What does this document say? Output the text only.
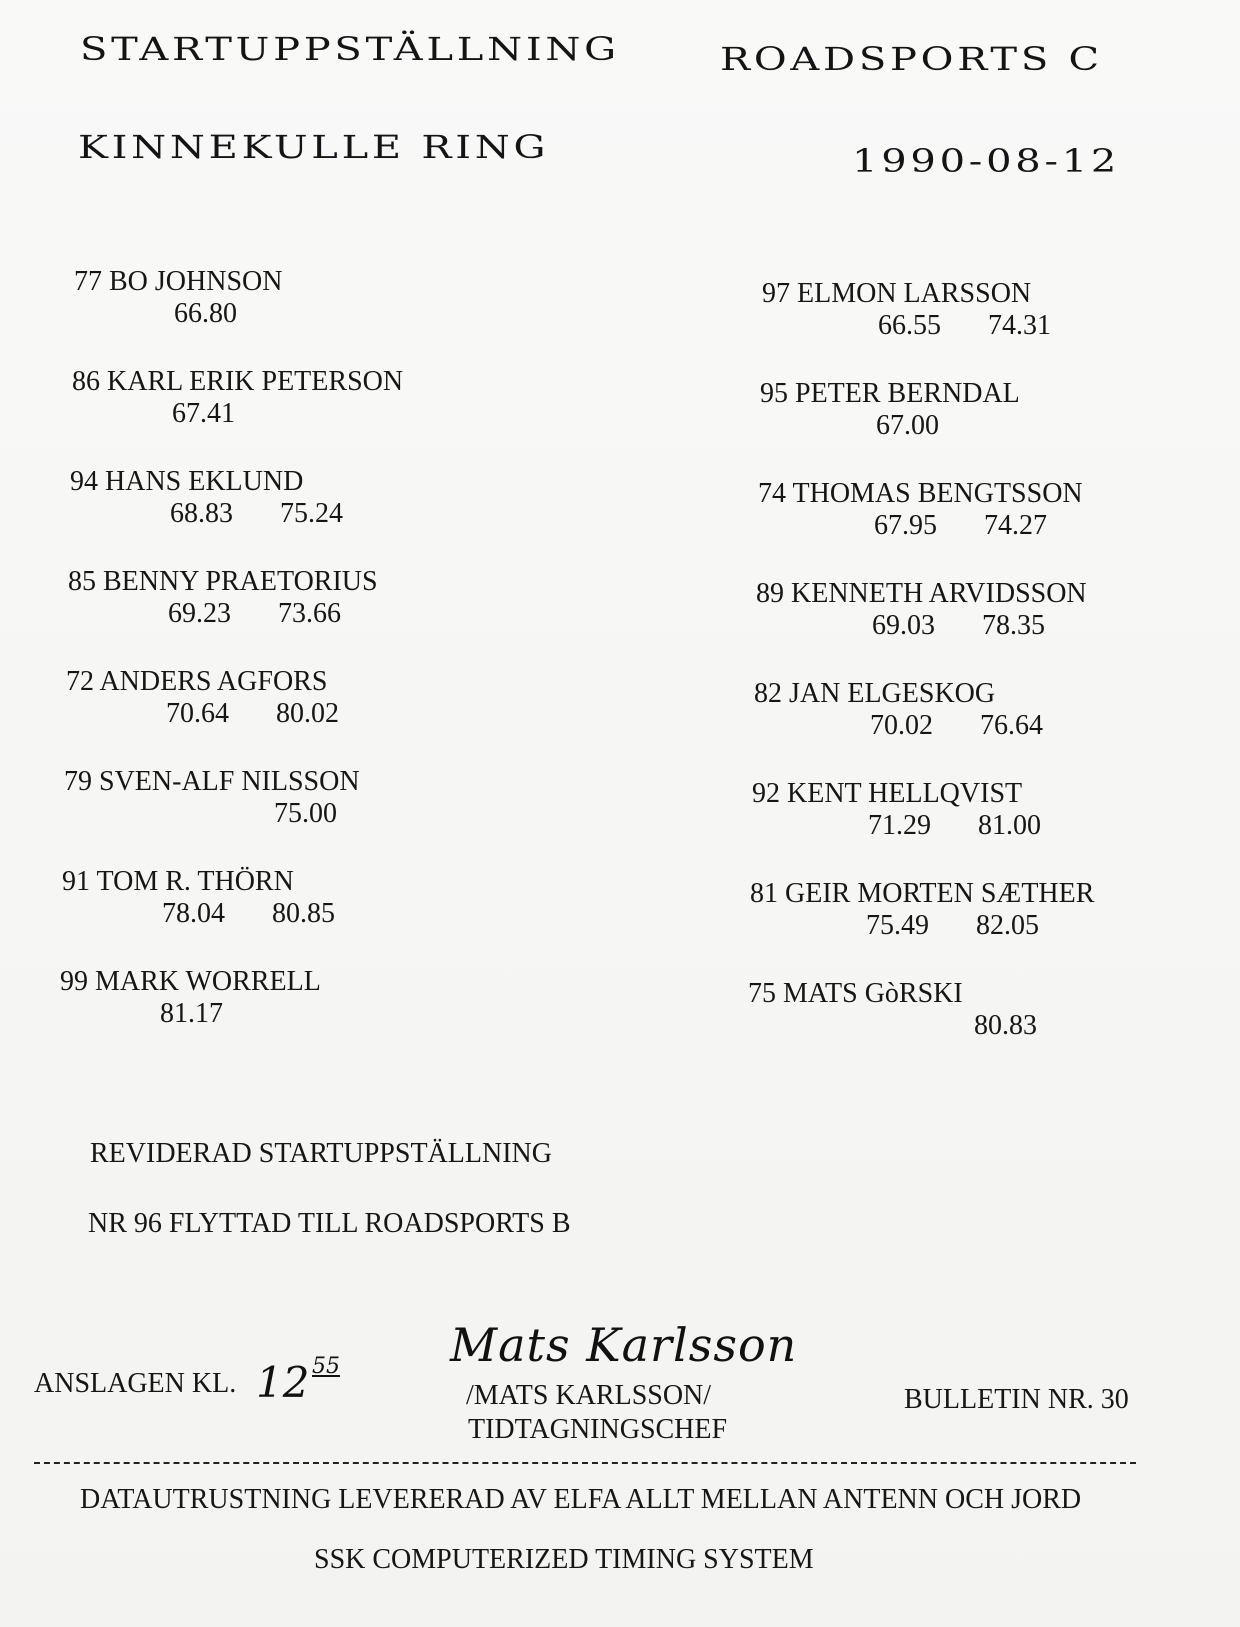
STARTUPPSTÄLLNING	ROADSPORTS C
KINNEKULLE RING	1990-08-12
77 BO JOHNSON
66.80
86 KARL ERIK PETERSON
67.41
94 HANS EKLUND
68.83 75.24
85 BENNY PRAETORIUS
69.23 73.66
72 ANDERS AGFORS
70.64 80.02
79 SVEN-ALF NILSSON
75.00
91 TOM R. THÖRN
78.04 80.85
99 MARK WORRELL
81.17
97 ELMON LARSSON
66.55 74.31
95 PETER BERNDAL
67.00
74 THOMAS BENGTSSON
67.95 74.27
89 KENNETH ARVIDSSON
69.03 78.35
82 JAN ELGESKOG
70.02 76.64
92 KENT HELLQVIST
71.29 81.00
81 GEIR MORTEN SÆTHER
75.49 82.05
75 MATS GòRSKI
80.83
REVIDERAD STARTUPPSTÄLLNING
NR 96 FLYTTAD TILL ROADSPORTS B
ANSLAGEN KL. 12 55 Mats Karlsson
/MATS KARLSSON/
TIDTAGNINGSCHEF
BULLETIN NR. 30
DATAUTRUSTNING LEVERERAD AV ELFA ALLT MELLAN ANTENN OCH JORD
SSK COMPUTERIZED TIMING SYSTEM
